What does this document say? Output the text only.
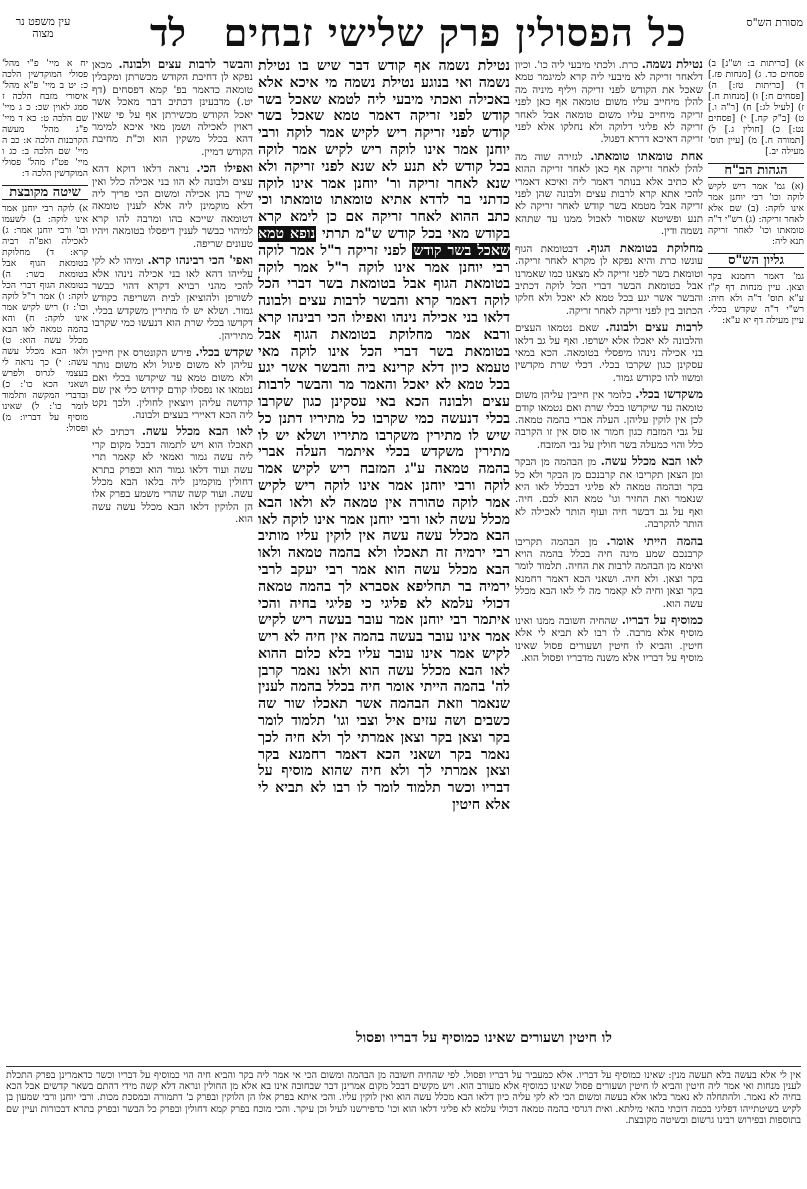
מסורת הש"ס
כל הפסולין פרק שלישי זבחים
לד
עין משפט נר מצוה

א) [כריתות ב: וש"נ] ב) פסחים כד. ג) [מנחות פז.] ד) [כריתות טז:] ה) [פסחים ח:] ו) [מנחות ח.] ז) [לעיל לג:] ח) [ר"ה ו.] ט) [ב"ק קח.] י) [פסחים נט:] כ) [חולין ג.] ל) [תמורה ח.] מ) [עיין תוס' מעילה יב.]

הגהות הב"ח

(א) גמ' אמר ריש לקיש לוקה וכו' רבי יוחנן אמר אינו לוקה: (ב) שם אלא לאחר זריקה: (ג) רש"י ד"ה טומאתו וכו' לאחר זריקה תנא ליה:

גליון הש"ס

גמ' דאמר רחמנא בקר וצאן. עיין מנחות דף ק"ז ע"א תוס' ד"ה ולא חיה: רש"י ד"ה שקדש בכלי. עיין מעילה דף יא ע"א:

נטילת נשמה. כרת. ולכתי מיבעי ליה כו'. וכיון דלאחר זריקה לא מיבעי ליה קרא למיגמר טמא שאכל את הקודש לפני זריקה ויליף מיניה מה להלן מיחייב עליו משום טומאה אף כאן לפני זריקה מיחייב עליו משום טומאה אבל לאחר זריקה לא פליגי דלוקה ולא נחלקו אלא לפני זריקה דאיכא דררא דפגול.

אחת טומאתו טומאתו. לגזירה שוה מה להלן לאחר זריקה אף כאן לאחר זריקה ההוא לא כתיב אלא בנותר דאמר ליה ואיכא דאמרי להכי אתא קרא לרבות עצים ולבונה שהן לפני זריקה אבל מטמא בשר קודש לאחר זריקה לא תנע ופשיטא שאסור לאכול ממנו עד שתהא נשמה ודין.

מחלוקת בטומאת הגוף. דבטומאת הגוף עונשו כרת והיא נפקא לן מקרא לאחר זריקה. וטומאת בשר לפני זריקה לא מצאנו כמו שאמרנו אבל בטומאת הבשר דברי הכל לוקה דכתיב והבשר אשר יגע בכל טמא לא יאכל ולא חלקו הכתוב בין לפני זריקה לאחר זריקה.

לרבות עצים ולבונה. שאם נטמאו העצים והלבונה לא יאכלו אלא ישרפו. ואף על גב דלאו בני אכילה נינהו מיפסלי בטומאה. הכא במאי עסקינן כגון שקרבו בכלי. דכלי שרת מקדשין ומשוו להו כקודש גמור.

משקדשו בכלי. כלומר אין חייבין עליהן משום טומאה עד שיקדשו בכלי שרת ואם נטמאו קודם לכן אין לוקין עליהן. העלה אברי בהמה טמאה. על גבי המזבח כגון חמור או סוס אין זו הקרבה כלל והוי כמעלה בשר חולין על גבי המזבח.

לאו הבא מכלל עשה. מן הבהמה מן הבקר ומן הצאן תקריבו את קרבנכם מן הבקר ולא כל בקר ובהמה טמאה לא פליגי דבכלל לאו היא שנאמר ואת החזיר וגו' טמא הוא לכם. חיה. ואף על גב דבשר חיה ועוף הותר לאכילה לא הותר להקרבה.

בהמה הייתי אומר. מן הבהמה תקריבו קרבנכם שמע מינה חיה בכלל בהמה הויא ואימא מן הבהמה לרבות את החיה. תלמוד לומר בקר וצאן. ולא חיה. ושאני הכא דאמר רחמנא בקר וצאן וחיה לא קאמר מה לי לאו הבא מכלל עשה הוא.

כמוסיף על דבריו. שהחיה חשובה ממנו ואינו מוסיף אלא מרבה. לו רבו לא תביא לי אלא חיטין. והביא לו חיטין ושעורים פסול שאינו מוסיף על דבריו אלא משנה מדבריו ופסול הוא.

נטילת נשמה אף קודש דבר שיש בו נטילת נשמה ואי בנוגע נטילת נשמה מי איכא אלא באכילה ואכתי מיבעי ליה לטמא שאכל בשר קודש לפני זריקה דאמר טמא שאכל בשר קודש לפני זריקה ריש לקיש אמר לוקה ורבי יוחנן אמר אינו לוקה ריש לקיש אמר לוקה בכל קודש לא תנע לא שנא לפני זריקה ולא שנא לאחר זריקה ור' יוחנן אמר אינו לוקה כדתני בר לדדא אתיא טומאתו טומאתו וכי כתב ההוא לאחר זריקה אם כן לימא קרא בקודש מאי בכל קודש ש"מ תרתי נופא טמא שאכל בשר קודש לפני זריקה ר"ל אמר לוקה רבי יוחנן אמר אינו לוקה ר"ל אמר לוקה בטומאת הגוף אבל בטומאת בשר דברי הכל לוקה דאמר קרא והבשר לרבות עצים ולבונה דלאו בני אכילה נינהו ואפילו הכי רבינהו קרא ורבא אמר מחלוקת בטומאת הגוף אבל בטומאת בשר דברי הכל אינו לוקה מאי טעמא כיון דלא קרינא ביה והבשר אשר יגע בכל טמא לא יאכל והאמר מר והבשר לרבות עצים ולבונה הכא באי עסקינן כגון שקרבו בכלי דנעשה כמי שקרבו כל מתיריו דתנן כל שיש לו מתירין משקרבו מתיריו ושלא יש לו מתירין משקדש בכלי איתמר העלה אברי בהמה טמאה ע"ג המזבח ריש לקיש אמר לוקה ורבי יוחנן אמר אינו לוקה ריש לקיש אמר לוקה טהורה אין טמאה לא ולאו הבא מכלל עשה לאו ורבי יוחנן אמר אינו לוקה לאו הבא מכלל עשה עשה אין לוקין עליו מותיב רבי ירמיה זה תאכלו ולא בהמה טמאה ולאו הבא מכלל עשה הוא אמר רבי יעקב לרבי ירמיה בר תחליפא אסברא לך בהמה טמאה דכולי עלמא לא פליגי כי פליגי בחיה והכי איתמר רבי יוחנן אמר עובר בעשה ריש לקיש אמר אינו עובר בעשה בהמה אין חיה לא ריש לקיש אמר אינו עובר עליו בלא כלום ההוא לאו הבא מכלל עשה הוא ולאו נאמר קרבן לה' בהמה הייתי אומר חיה בכלל בהמה לענין שנאמר וזאת הבהמה אשר תאכלו שור שה כשבים ושה עזים איל וצבי וגו' תלמוד לומר בקר וצאן בקר וצאן אמרתי לך ולא חיה לכך נאמר בקר ושאני הכא דאמר רחמנא בקר וצאן אמרתי לך ולא חיה שהוא מוסיף על דבריו וכשר תלמוד לומר לו רבו לא תביא לי אלא חיטין

והבשר לרבות עצים ולבונה. מכאן נפקא לן דחיבת הקודש מכשרתן ומקבלין טומאה כדאמר בפ' קמא דפסחים (דף יט.) מדבעינן דכתיב דבר מאכל אשר יאכל הקודש מכשירתן אף על פי שאין ראוין לאכילה ושמן מאי איכא למימר דהא בכלל משקין הוא וכ"ת מחיבת הקודש דמיין.

ואפילו הכי. נראה דלאו דוקא דהא עצים ולבונה לא הוו בני אכילה כלל ואין שייך בהן אכילה ומשום הכי פריך ליה דלא מוקמינן ליה אלא לענין טומאה דטומאה שייכא בהו ומרבה להו קרא למיהוי כבשר לענין דיפסלו בטומאה ויהיו טעונים שריפה.

ואפי' הכי רבינהו קרא. ומיהו לא לקי עלייהו דהא לאו בני אכילה נינהו אלא להכי מהני רבויא דקרא דהוי כבשר לשורפן ולהוציאן לבית השריפה כקודש גמור. ושלא יש לו מתירין משקדש בכלי. דקדשו בכלי שרת הוא דנעשו כמי שקרבו מתיריהן.

שקדש בכלי. פירש הקונטרס אין חייבין עליהן לא משום פיגול ולא משום נותר ולא משום טמא עד שיקדשו בכלי ואם נטמאו או נפסלו קודם קידוש כלי אין שם קדושה עליהן ויוצאין לחולין. ולכך נקט ליה הכא דאיירי בעצים ולבונה.

לאו הבא מכלל עשה. דכתיב לא תאכלו הוא ויש לתמוה דבכל מקום קרי ליה עשה גמור ואמאי לא קאמר תרי עשה ועוד דלאו גמור הוא ובפרק בתרא דחולין מוקמינן ליה בלאו הבא מכלל עשה. ועוד קשה שהרי משמע בפרק אלו הן הלוקין דלאו הבא מכלל עשה עשה הוא.

יח א מיי' פ"י מהל' פסולי המוקדשין הלכה כ: יט ב מיי' פ"א מהל' איסורי מזבח הלכה ז סמג לאוין שכ: כ ג מיי' שם הלכה ט: כא ד מיי' פ"ג מהל' מעשה הקרבנות הלכה א: כב ה מיי' שם הלכה ב: כג ו מיי' פט"ז מהל' פסולי המוקדשין הלכה ד:

שיטה מקובצת

א) לוקה רבי יוחנן אמר אינו לוקה: ב) לשעמו וכו' ורבי יוחנן אמר: ג) לאכילה ואפ"ה רביה קרא: ד) מחלוקת בטומאת הגוף אבל בטומאת בשר: ה) בטומאת הגוף דברי הכל לוקה: ו) אמר ר"ל לוקה וכו': ז) ריש לקיש אמר אינו לוקה: ח) והא בהמה טמאה לאו הבא מכלל עשה הוא: ט) ולאו הבא מכלל עשה עשה: י) כך נראה לי בעצמי לגרוס ולפרש ושאני הכא כו': כ) ובדברי המקשה ותלמוד לומר כו': ל) שאינו מוסיף על דבריו: מ) ופסול:

לו חיטין ושעורים שאינו כמוסיף על דבריו ופסול
אין לי אלא בעשה בלא תעשה מנין: שאינו כמוסיף על דבריו. אלא כמעביר על דבריו ופסול. לפי שהחיה חשובה מן הבהמה ומשום הכי אי אמר ליה בקר והביא חיה הוי כמוסיף על דבריו וכשר כדאמרינן בפרק התכלת לענין מנחות ואי אמר ליה חיטין והביא לו חיטין ושעורים פסול שאינו כמוסיף אלא מעורב הוא. ויש מקשים דבכל מקום אמרינן דבר שבחובה אינו בא אלא מן החולין ונראה דלא קשה מידי דהתם בשאר קדשים אבל הכא בחיה לא נאמר. ולהתחלה לא נאמר בלאו אלא בעשה ומשום הכי לא לקי עליה כיון דלאו הבא מכלל עשה הוא ואין לוקין עליו. והכי איתא בפרק אלו הן הלוקין ובפרק ב' דתמורה ובמסכת מכות. ורבי יוחנן ורבי שמעון בן לקיש בשיטתייהו דפליגי בכמה דוכתי בהאי מילתא. ואית דגרסי בהמה טמאה דכולי עלמא לא פליגי דלאו הוא וכו' כדפירשנו לעיל וכן עיקר. והכי מוכח בפרק קמא דחולין ובפרק כל הבשר ובפרק בתרא דבכורות ועיין שם בתוספות ובפירוש רבינו גרשום ובשיטה מקובצת.
